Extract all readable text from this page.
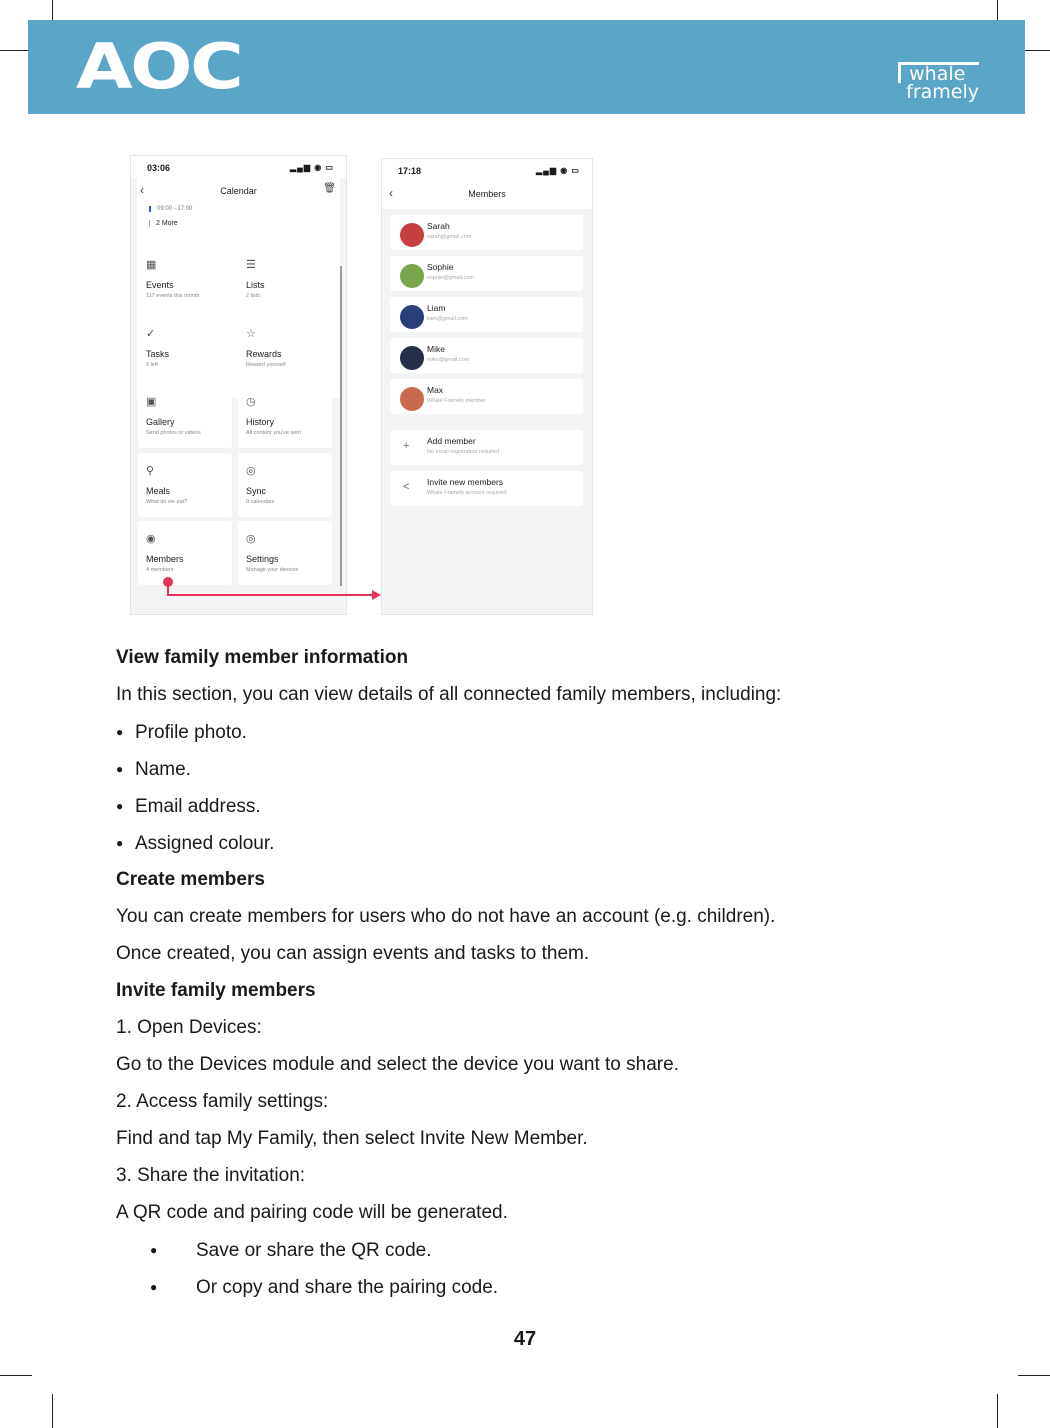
AOC	whale
framely
03:06	▂▄▆ ◉ ▭
‹	Calendar	🗑
09:00 - 17:00
2 More
▦
Events
117 events this month
☰
Lists
2 lists
✓
Tasks
6 left
☆
Rewards
Reward yourself
▣
Gallery
Send photos or videos
◷
History
All content you've sent
⚲
Meals
What do we eat?
◎
Sync
0 calendars
◉
Members
4 members
◎
Settings
Manage your devices
17:18	▂▄▆ ◉ ▭
‹	Members
Sarah
sarah@gmail.com
Sophie
sophie@gmail.com
Liam
liam@gmail.com
Mike
mike@gmail.com
Max
Whale Framely member
+ Add member
No email registration required
< Invite new members
Whale Framely account required
View family member information
In this section, you can view details of all connected family members, including:
● Profile photo.
● Name.
● Email address.
● Assigned colour.
Create members
You can create members for users who do not have an account (e.g. children).
Once created, you can assign events and tasks to them.
Invite family members
1. Open Devices:
Go to the Devices module and select the device you want to share.
2. Access family settings:
Find and tap My Family, then select Invite New Member.
3. Share the invitation:
A QR code and pairing code will be generated.
● Save or share the QR code.
● Or copy and share the pairing code.
47
